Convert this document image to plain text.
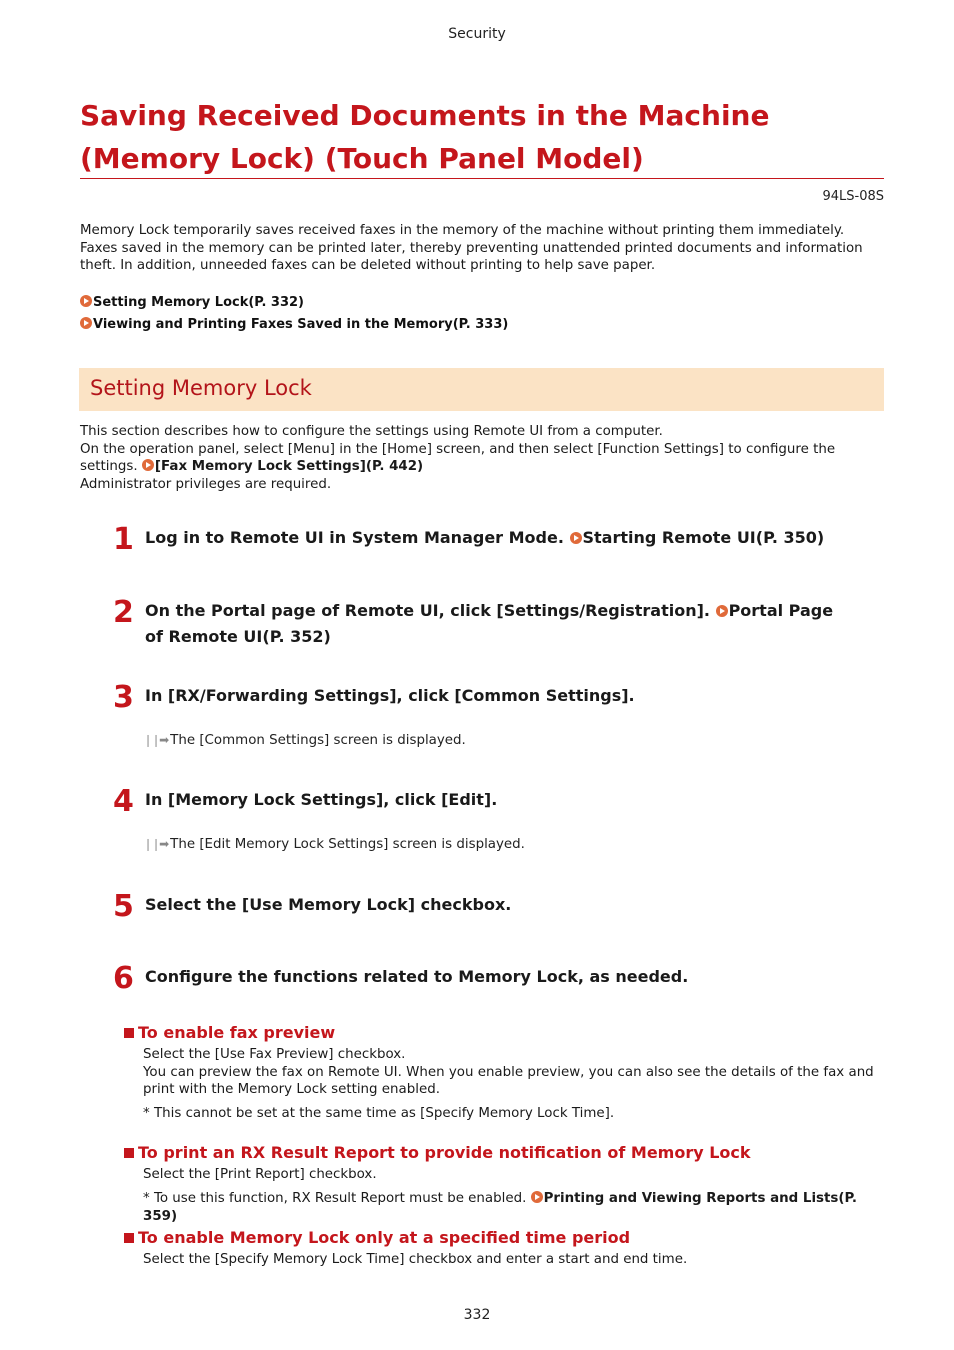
Security
Saving Received Documents in the Machine (Memory Lock) (Touch Panel Model)
94LS-08S

Memory Lock temporarily saves received faxes in the memory of the machine without printing them immediately. Faxes saved in the memory can be printed later, thereby preventing unattended printed documents and information theft. In addition, unneeded faxes can be deleted without printing to help save paper.

Setting Memory Lock(P. 332)
Viewing and Printing Faxes Saved in the Memory(P. 333)
Setting Memory Lock

This section describes how to configure the settings using Remote UI from a computer.
On the operation panel, select [Menu] in the [Home] screen, and then select [Function Settings] to configure the settings. [Fax Memory Lock Settings](P. 442)
Administrator privileges are required.

1 Log in to Remote UI in System Manager Mode. Starting Remote UI(P. 350)

2 On the Portal page of Remote UI, click [Settings/Registration]. Portal Page of Remote UI(P. 352)

3 In [RX/Forwarding Settings], click [Common Settings].

❘❘➡ The [Common Settings] screen is displayed.
4 In [Memory Lock Settings], click [Edit].

❘❘➡ The [Edit Memory Lock Settings] screen is displayed.
5 Select the [Use Memory Lock] checkbox.

6 Configure the functions related to Memory Lock, as needed.

To enable fax preview

Select the [Use Fax Preview] checkbox.
You can preview the fax on Remote UI. When you enable preview, you can also see the details of the fax and print with the Memory Lock setting enabled.

* This cannot be set at the same time as [Specify Memory Lock Time].
To print an RX Result Report to provide notification of Memory Lock

Select the [Print Report] checkbox.

* To use this function, RX Result Report must be enabled. Printing and Viewing Reports and Lists(P. 359)
To enable Memory Lock only at a specified time period

Select the [Specify Memory Lock Time] checkbox and enter a start and end time.

332
